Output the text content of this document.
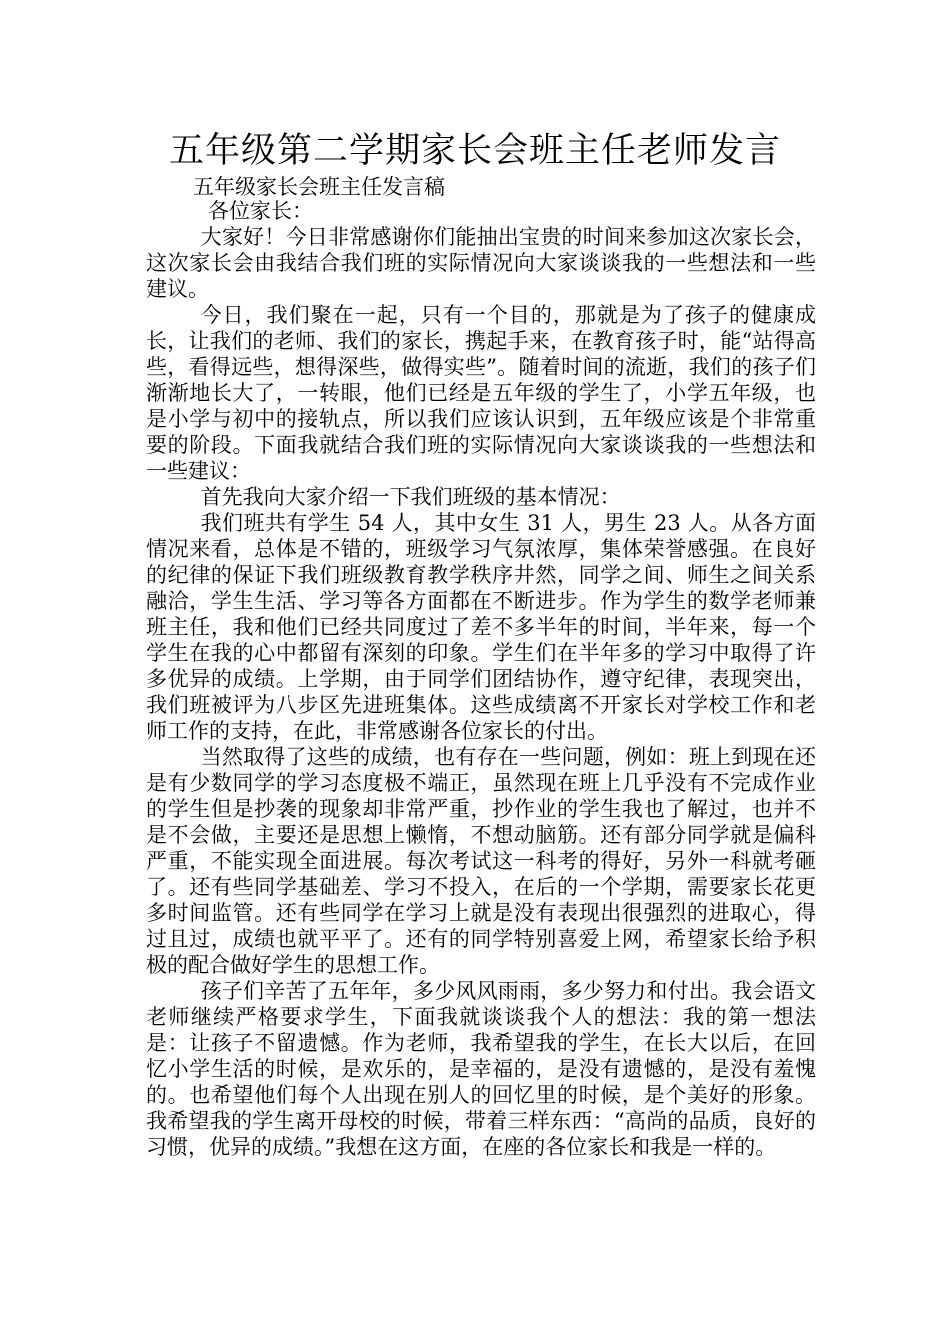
五年级第二学期家长会班主任老师发言
五年级家长会班主任发言稿

各位家长：

大家好！今日非常感谢你们能抽出宝贵的时间来参加这次家长会，这次家长会由我结合我们班的实际情况向大家谈谈我的一些想法和一些建议。

今日，我们聚在一起，只有一个目的，那就是为了孩子的健康成长，让我们的老师、我们的家长，携起手来，在教育孩子时，能“站得高些，看得远些，想得深些，做得实些”。随着时间的流逝，我们的孩子们渐渐地长大了，一转眼，他们已经是五年级的学生了，小学五年级，也是小学与初中的接轨点，所以我们应该认识到，五年级应该是个非常重要的阶段。下面我就结合我们班的实际情况向大家谈谈我的一些想法和一些建议：

首先我向大家介绍一下我们班级的基本情况：

我们班共有学生 54 人，其中女生 31 人，男生 23 人。从各方面情况来看，总体是不错的，班级学习气氛浓厚，集体荣誉感强。在良好的纪律的保证下我们班级教育教学秩序井然，同学之间、师生之间关系融洽，学生生活、学习等各方面都在不断进步。作为学生的数学老师兼班主任，我和他们已经共同度过了差不多半年的时间，半年来，每一个学生在我的心中都留有深刻的印象。学生们在半年多的学习中取得了许多优异的成绩。上学期，由于同学们团结协作，遵守纪律，表现突出，我们班被评为八步区先进班集体。这些成绩离不开家长对学校工作和老师工作的支持，在此，非常感谢各位家长的付出。

当然取得了这些的成绩，也有存在一些问题，例如：班上到现在还是有少数同学的学习态度极不端正，虽然现在班上几乎没有不完成作业的学生但是抄袭的现象却非常严重，抄作业的学生我也了解过，也并不是不会做，主要还是思想上懒惰，不想动脑筋。还有部分同学就是偏科严重，不能实现全面进展。每次考试这一科考的得好，另外一科就考砸了。还有些同学基础差、学习不投入，在后的一个学期，需要家长花更多时间监管。还有些同学在学习上就是没有表现出很强烈的进取心，得过且过，成绩也就平平了。还有的同学特别喜爱上网，希望家长给予积极的配合做好学生的思想工作。

孩子们辛苦了五年年，多少风风雨雨，多少努力和付出。我会语文老师继续严格要求学生，下面我就谈谈我个人的想法：我的第一想法是：让孩子不留遗憾。作为老师，我希望我的学生，在长大以后，在回忆小学生活的时候，是欢乐的，是幸福的，是没有遗憾的，是没有羞愧的。也希望他们每个人出现在别人的回忆里的时候，是个美好的形象。我希望我的学生离开母校的时候，带着三样东西：“高尚的品质，良好的习惯，优异的成绩。”我想在这方面，在座的各位家长和我是一样的。
